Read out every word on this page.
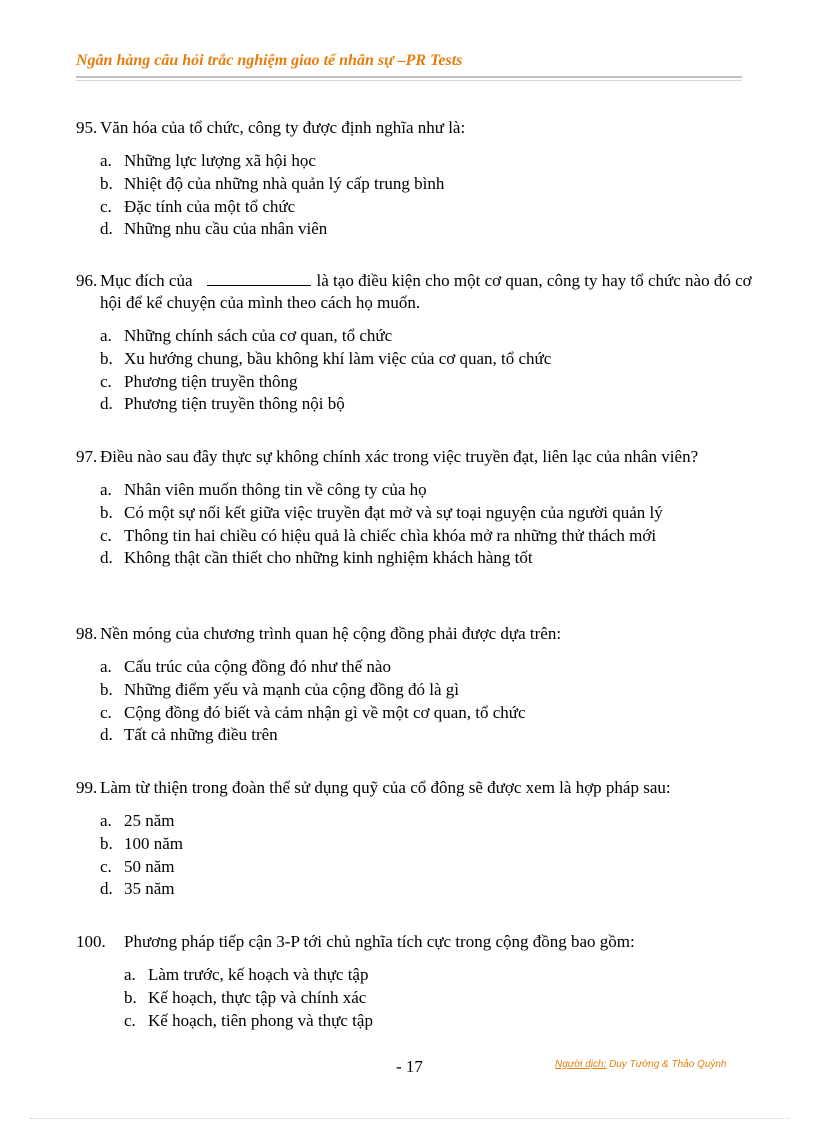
Ngân hàng câu hỏi trắc nghiệm giao tế nhân sự –PR Tests
95. Văn hóa của tổ chức, công ty được định nghĩa như là:
a. Những lực lượng xã hội học
b. Nhiệt độ của những nhà quản lý cấp trung bình
c. Đặc tính của một tổ chức
d. Những nhu cầu của nhân viên
96. Mục đích của	là tạo điều kiện cho một cơ quan, công ty hay tổ chức nào đó cơ hội để kể chuyện của mình theo cách họ muốn.
a. Những chính sách của cơ quan, tổ chức
b. Xu hướng chung, bầu không khí làm việc của cơ quan, tổ chức
c. Phương tiện truyền thông
d. Phương tiện truyền thông nội bộ
97. Điều nào sau đây thực sự không chính xác trong việc truyền đạt, liên lạc của nhân viên?
a. Nhân viên muốn thông tin về công ty của họ
b. Có một sự nối kết giữa việc truyền đạt mở và sự toại nguyện của người quản lý
c. Thông tin hai chiều có hiệu quả là chiếc chìa khóa mở ra những thử thách mới
d. Không thật cần thiết cho những kinh nghiệm khách hàng tốt
98. Nền móng của chương trình quan hệ cộng đồng phải được dựa trên:
a. Cấu trúc của cộng đồng đó như thế nào
b. Những điểm yếu và mạnh của cộng đồng đó là gì
c. Cộng đồng đó biết và cảm nhận gì về một cơ quan, tổ chức
d. Tất cả những điều trên
99. Làm từ thiện trong đoàn thể sử dụng quỹ của cổ đông sẽ được xem là hợp pháp sau:
a. 25 năm
b. 100 năm
c. 50 năm
d. 35 năm
100.	Phương pháp tiếp cận 3-P tới chủ nghĩa tích cực trong cộng đồng bao gồm:
a. Làm trước, kế hoạch và thực tập
b. Kế hoạch, thực tập và chính xác
c. Kế hoạch, tiên phong và thực tập
- 17	Người dịch: Duy Tường & Thảo Quỳnh
